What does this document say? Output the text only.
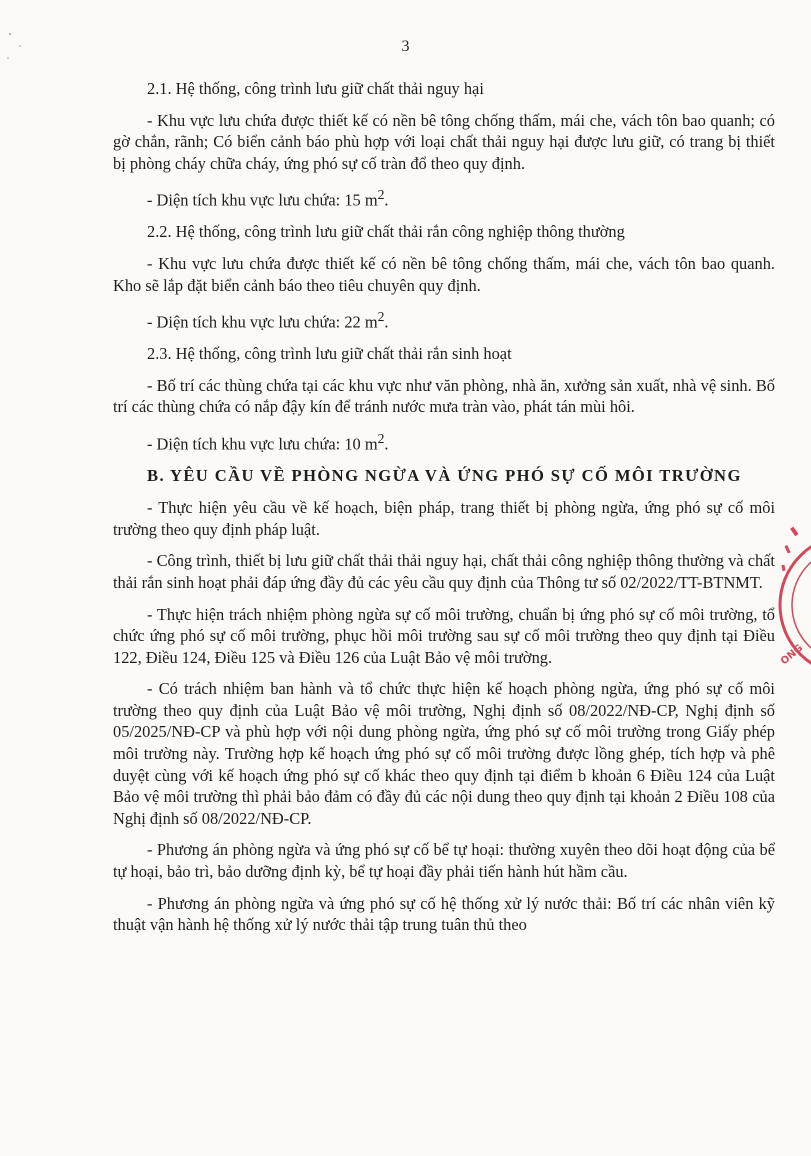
3

2.1. Hệ thống, công trình lưu giữ chất thải nguy hại

- Khu vực lưu chứa được thiết kế có nền bê tông chống thấm, mái che, vách tôn bao quanh; có gờ chắn, rãnh; Có biển cảnh báo phù hợp với loại chất thải nguy hại được lưu giữ, có trang bị thiết bị phòng cháy chữa cháy, ứng phó sự cố tràn đổ theo quy định.

- Diện tích khu vực lưu chứa: 15 $m^2$.

2.2. Hệ thống, công trình lưu giữ chất thải rắn công nghiệp thông thường

- Khu vực lưu chứa được thiết kế có nền bê tông chống thấm, mái che, vách tôn bao quanh. Kho sẽ lắp đặt biển cảnh báo theo tiêu chuyên quy định.

- Diện tích khu vực lưu chứa: 22 $m^2$.

2.3. Hệ thống, công trình lưu giữ chất thải rắn sinh hoạt

- Bố trí các thùng chứa tại các khu vực như văn phòng, nhà ăn, xưởng sản xuất, nhà vệ sinh. Bố trí các thùng chứa có nắp đậy kín để tránh nước mưa tràn vào, phát tán mùi hôi.

- Diện tích khu vực lưu chứa: 10 $m^2$.

B. YÊU CẦU VỀ PHÒNG NGỪA VÀ ỨNG PHÓ SỰ CỐ MÔI TRƯỜNG

- Thực hiện yêu cầu về kế hoạch, biện pháp, trang thiết bị phòng ngừa, ứng phó sự cố môi trường theo quy định pháp luật.

- Công trình, thiết bị lưu giữ chất thải thải nguy hại, chất thải công nghiệp thông thường và chất thải rắn sinh hoạt phải đáp ứng đầy đủ các yêu cầu quy định của Thông tư số 02/2022/TT-BTNMT.

- Thực hiện trách nhiệm phòng ngừa sự cố môi trường, chuẩn bị ứng phó sự cố môi trường, tổ chức ứng phó sự cố môi trường, phục hồi môi trường sau sự cố môi trường theo quy định tại Điều 122, Điều 124, Điều 125 và Điều 126 của Luật Bảo vệ môi trường.

- Có trách nhiệm ban hành và tổ chức thực hiện kế hoạch phòng ngừa, ứng phó sự cố môi trường theo quy định của Luật Bảo vệ môi trường, Nghị định số 08/2022/NĐ-CP, Nghị định số 05/2025/NĐ-CP và phù hợp với nội dung phòng ngừa, ứng phó sự cố môi trường trong Giấy phép môi trường này. Trường hợp kế hoạch ứng phó sự cố môi trường được lồng ghép, tích hợp và phê duyệt cùng với kế hoạch ứng phó sự cố khác theo quy định tại điểm b khoản 6 Điều 124 của Luật Bảo vệ môi trường thì phải bảo đảm có đầy đủ các nội dung theo quy định tại khoản 2 Điều 108 của Nghị định số 08/2022/NĐ-CP.

- Phương án phòng ngừa và ứng phó sự cố bể tự hoại: thường xuyên theo dõi hoạt động của bể tự hoại, bảo trì, bảo dưỡng định kỳ, bể tự hoại đầy phải tiến hành hút hầm cầu.

- Phương án phòng ngừa và ứng phó sự cố hệ thống xử lý nước thải: Bố trí các nhân viên kỹ thuật vận hành hệ thống xử lý nước thải tập trung tuân thủ theo

ONG
